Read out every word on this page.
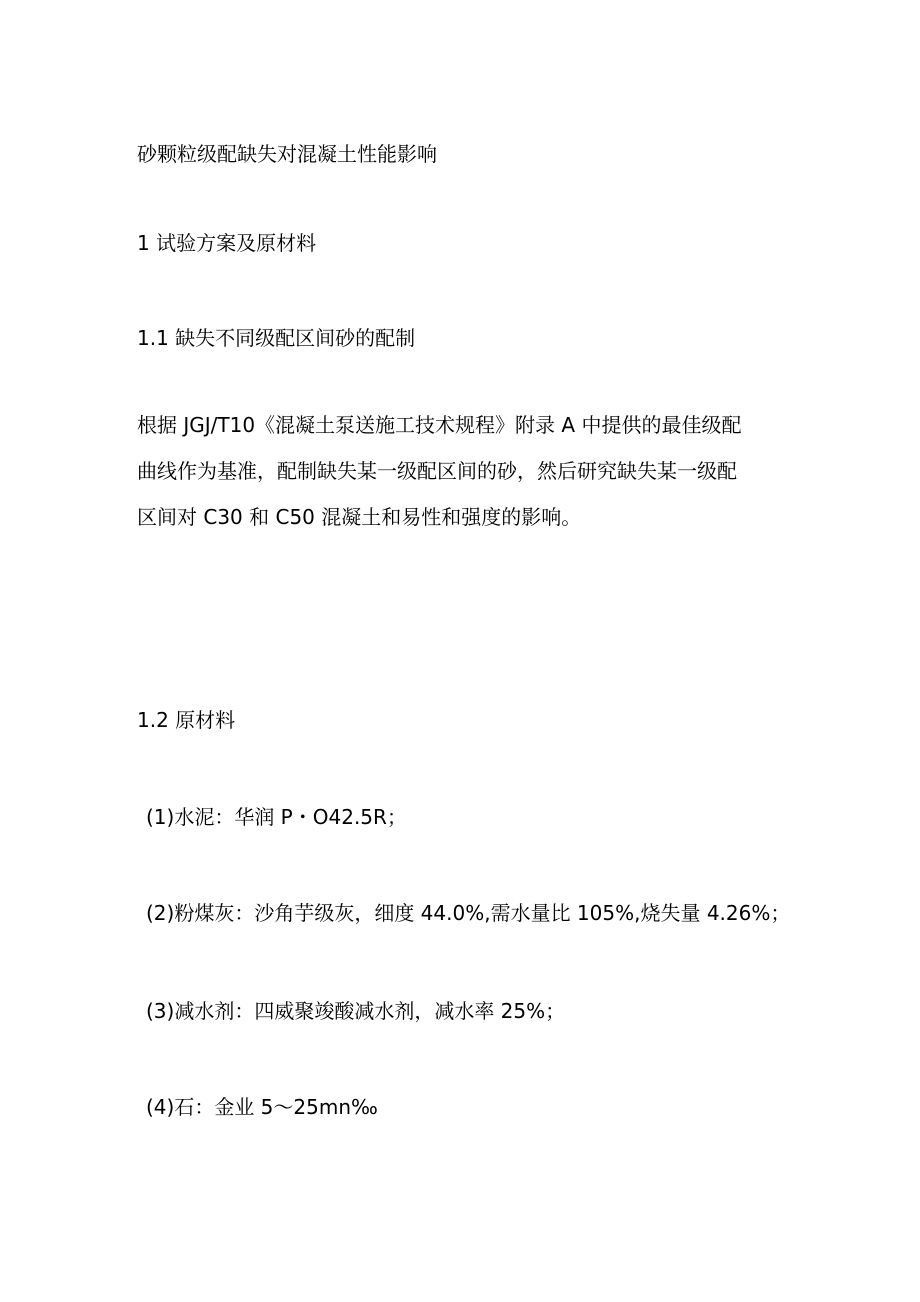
砂颗粒级配缺失对混凝土性能影响

1 试验方案及原材料

1.1 缺失不同级配区间砂的配制

根据 JGJ/T10《混凝土泵送施工技术规程》附录 A 中提供的最佳级配
曲线作为基准，配制缺失某一级配区间的砂，然后研究缺失某一级配
区间对 C30 和 C50 混凝土和易性和强度的影响。

1.2 原材料

(1)水泥：华润 P・O42.5R；

(2)粉煤灰：沙角芋级灰，细度 44.0%,需水量比 105%,烧失量 4.26%；

(3)减水剂：四威聚竣酸减水剂，减水率 25%；

(4)石：金业 5～25mn‰
